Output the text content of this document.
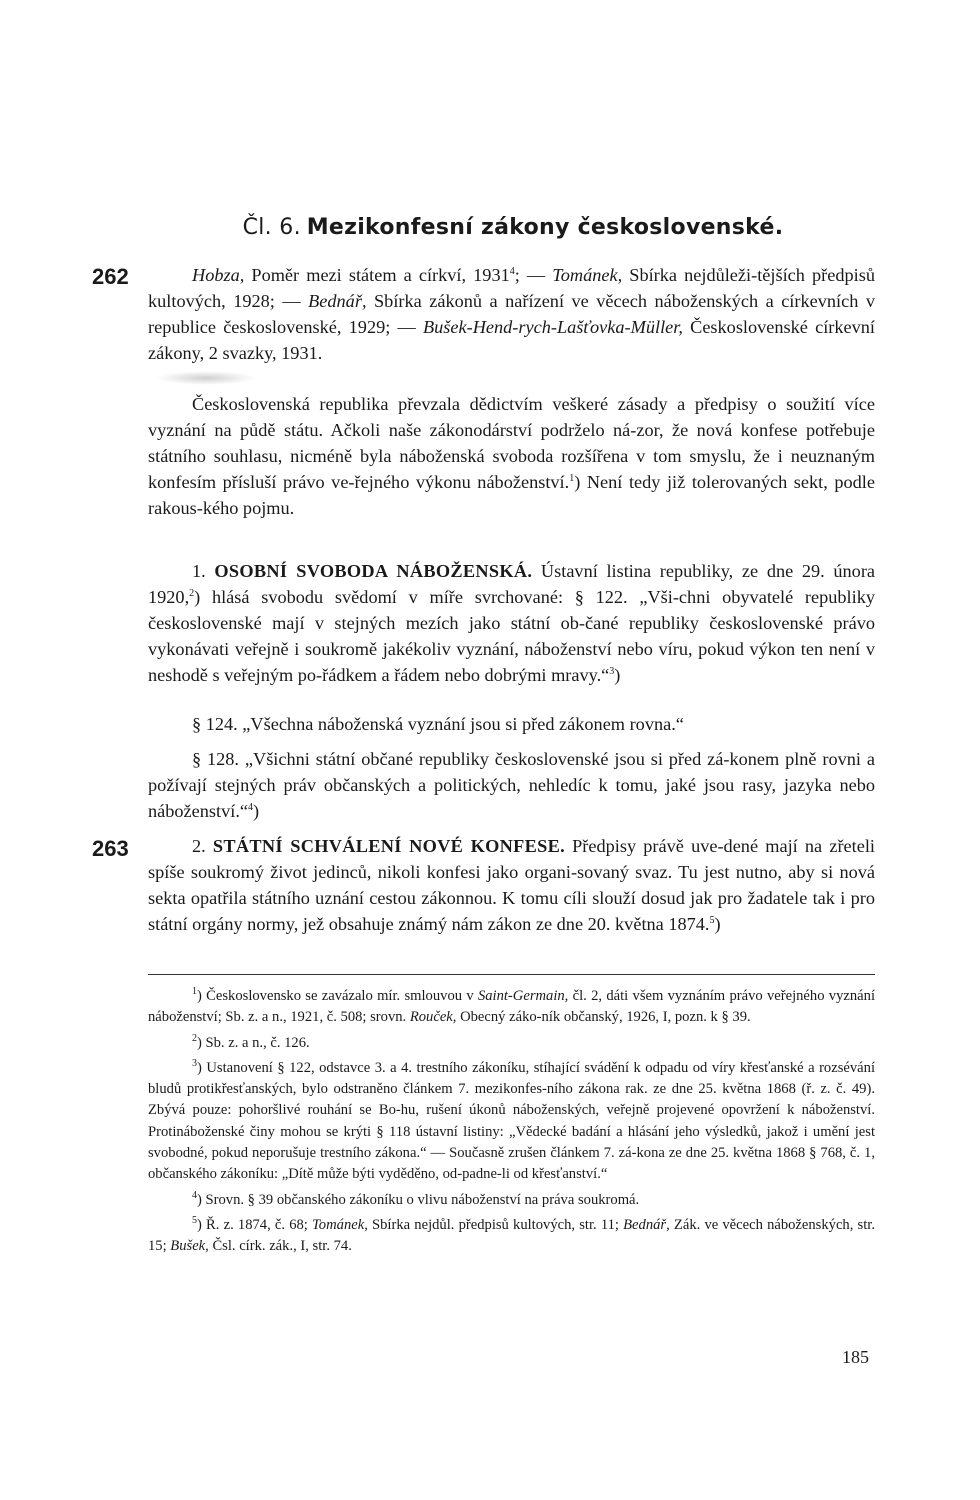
Čl. 6. Mezikonfesní zákony československé.
262
263

Hobza, Poměr mezi státem a církví, 1931$^4$; — Tománek, Sbírka nejdůleži-tějších předpisů kultových, 1928; — Bednář, Sbírka zákonů a nařízení ve věcech náboženských a církevních v republice československé, 1929; — Bušek-Hend-rych-Lašťovka-Müller, Československé církevní zákony, 2 svazky, 1931.

Československá republika převzala dědictvím veškeré zásady a předpisy o soužití více vyznání na půdě státu. Ačkoli naše zákonodárství podrželo ná-zor, že nová konfese potřebuje státního souhlasu, nicméně byla náboženská svoboda rozšířena v tom smyslu, že i neuznaným konfesím přísluší právo ve-řejného výkonu náboženství.$^1$) Není tedy již tolerovaných sekt, podle rakous-kého pojmu.

1. OSOBNÍ SVOBODA NÁBOŽENSKÁ. Ústavní listina republiky, ze dne 29. února 1920,$^2$) hlásá svobodu svědomí v míře svrchované: § 122. „Vši-chni obyvatelé republiky československé mají v stejných mezích jako státní ob-čané republiky československé právo vykonávati veřejně i soukromě jakékoliv vyznání, náboženství nebo víru, pokud výkon ten není v neshodě s veřejným po-řádkem a řádem nebo dobrými mravy.“$^3$)

§ 124. „Všechna náboženská vyznání jsou si před zákonem rovna.“

§ 128. „Všichni státní občané republiky československé jsou si před zá-konem plně rovni a požívají stejných práv občanských a politických, nehledíc k tomu, jaké jsou rasy, jazyka nebo náboženství.“$^4$)

2. STÁTNÍ SCHVÁLENÍ NOVÉ KONFESE. Předpisy právě uve-dené mají na zřeteli spíše soukromý život jedinců, nikoli konfesi jako organi-sovaný svaz. Tu jest nutno, aby si nová sekta opatřila státního uznání cestou zákonnou. K tomu cíli slouží dosud jak pro žadatele tak i pro státní orgány normy, jež obsahuje známý nám zákon ze dne 20. května 1874.$^5$)

$^1$) Československo se zavázalo mír. smlouvou v Saint-Germain, čl. 2, dáti všem vyznáním právo veřejného vyznání náboženství; Sb. z. a n., 1921, č. 508; srovn. Rouček, Obecný záko-ník občanský, 1926, I, pozn. k § 39.

$^2$) Sb. z. a n., č. 126.

$^3$) Ustanovení § 122, odstavce 3. a 4. trestního zákoníku, stíhající svádění k odpadu od víry křesťanské a rozsévání bludů protikřesťanských, bylo odstraněno článkem 7. mezikonfes-ního zákona rak. ze dne 25. května 1868 (ř. z. č. 49). Zbývá pouze: pohoršlivé rouhání se Bo-hu, rušení úkonů náboženských, veřejně projevené opovržení k náboženství. Protináboženské činy mohou se krýti § 118 ústavní listiny: „Vědecké badání a hlásání jeho výsledků, jakož i umění jest svobodné, pokud neporušuje trestního zákona.“ — Současně zrušen článkem 7. zá-kona ze dne 25. května 1868 § 768, č. 1, občanského zákoníku: „Dítě může býti vyděděno, od-padne-li od křesťanství.“

$^4$) Srovn. § 39 občanského zákoníku o vlivu náboženství na práva soukromá.

$^5$) Ř. z. 1874, č. 68; Tománek, Sbírka nejdůl. předpisů kultových, str. 11; Bednář, Zák. ve věcech náboženských, str. 15; Bušek, Čsl. círk. zák., I, str. 74.

185
